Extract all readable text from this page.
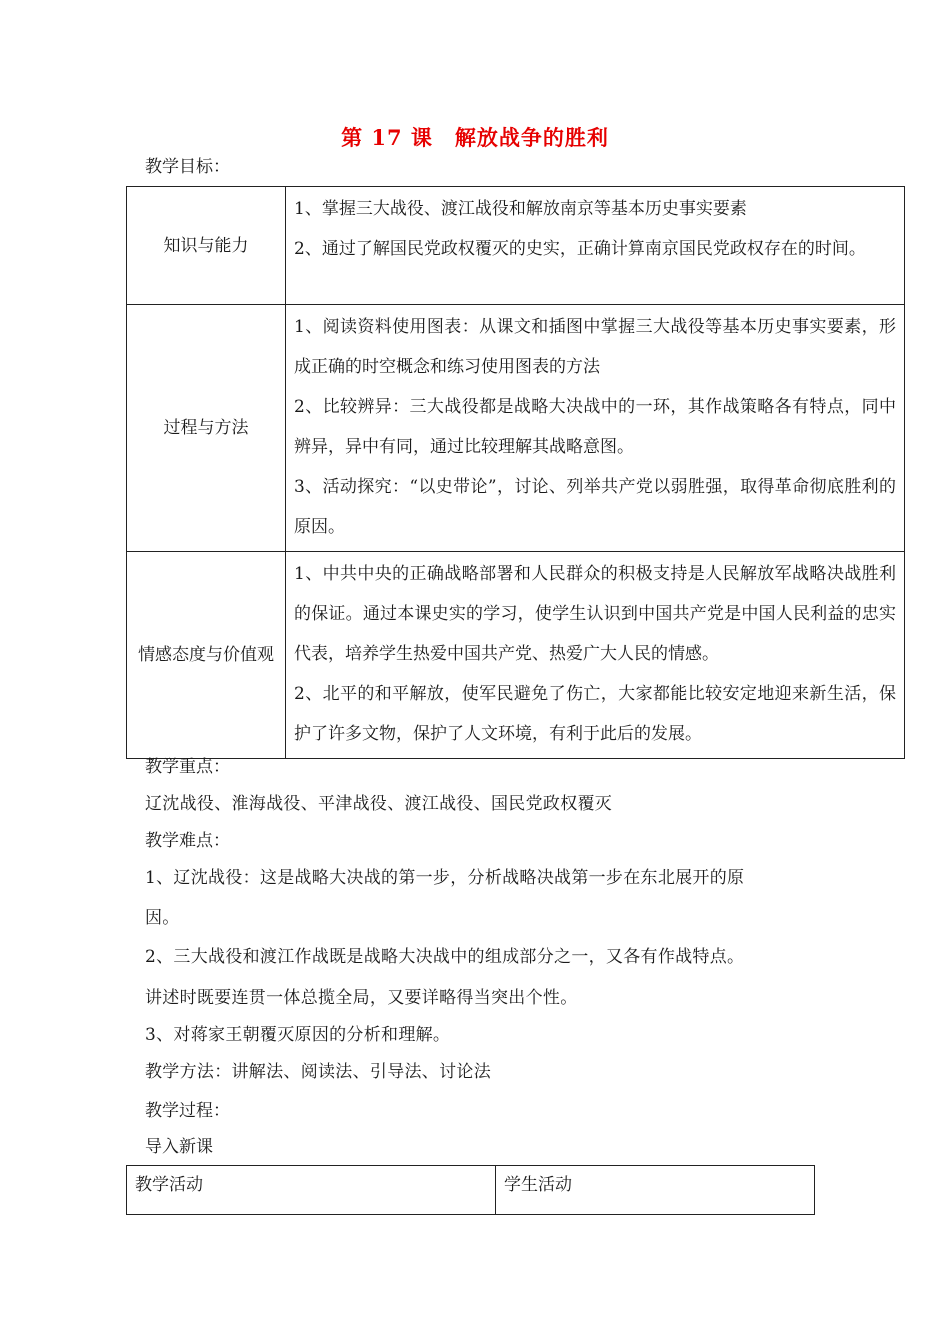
第 17 课　解放战争的胜利
教学目标：
知识与能力	1、掌握三大战役、渡江战役和解放南京等基本历史事实要素
2、通过了解国民党政权覆灭的史实，正确计算南京国民党政权存在的时间。

过程与方法	1、阅读资料使用图表：从课文和插图中掌握三大战役等基本历史事实要素，形成正确的时空概念和练习使用图表的方法
2、比较辨异：三大战役都是战略大决战中的一环，其作战策略各有特点，同中辨异，异中有同，通过比较理解其战略意图。
3、活动探究：“以史带论”，讨论、列举共产党以弱胜强，取得革命彻底胜利的原因。

情感态度与价值观	1、中共中央的正确战略部署和人民群众的积极支持是人民解放军战略决战胜利的保证。通过本课史实的学习，使学生认识到中国共产党是中国人民利益的忠实代表，培养学生热爱中国共产党、热爱广大人民的情感。
2、北平的和平解放，使军民避免了伤亡，大家都能比较安定地迎来新生活，保护了许多文物，保护了人文环境，有利于此后的发展。
教学重点：
辽沈战役、淮海战役、平津战役、渡江战役、国民党政权覆灭
教学难点：
1、辽沈战役：这是战略大决战的第一步，分析战略决战第一步在东北展开的原
因。
2、三大战役和渡江作战既是战略大决战中的组成部分之一，又各有作战特点。
讲述时既要连贯一体总揽全局，又要详略得当突出个性。
3、对蒋家王朝覆灭原因的分析和理解。
教学方法：讲解法、阅读法、引导法、讨论法
教学过程：
导入新课
教学活动	学生活动
